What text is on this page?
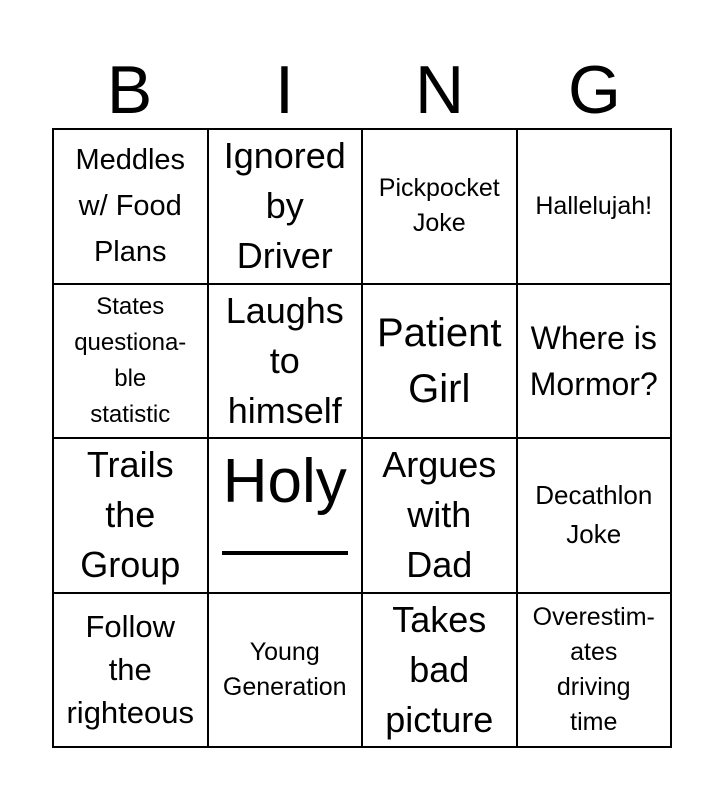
B	I	N	G
Meddles
w/ Food
Plans
Ignored
by
Driver
Pickpocket
Joke
Hallelujah!
States
questiona-
ble
statistic
Laughs
to
himself
Patient
Girl
Where is
Mormor?
Trails
the
Group
Holy Argues
with
Dad
Decathlon
Joke
Follow
the
righteous
Young
Generation
Takes
bad
picture
Overestim-
ates
driving
time
